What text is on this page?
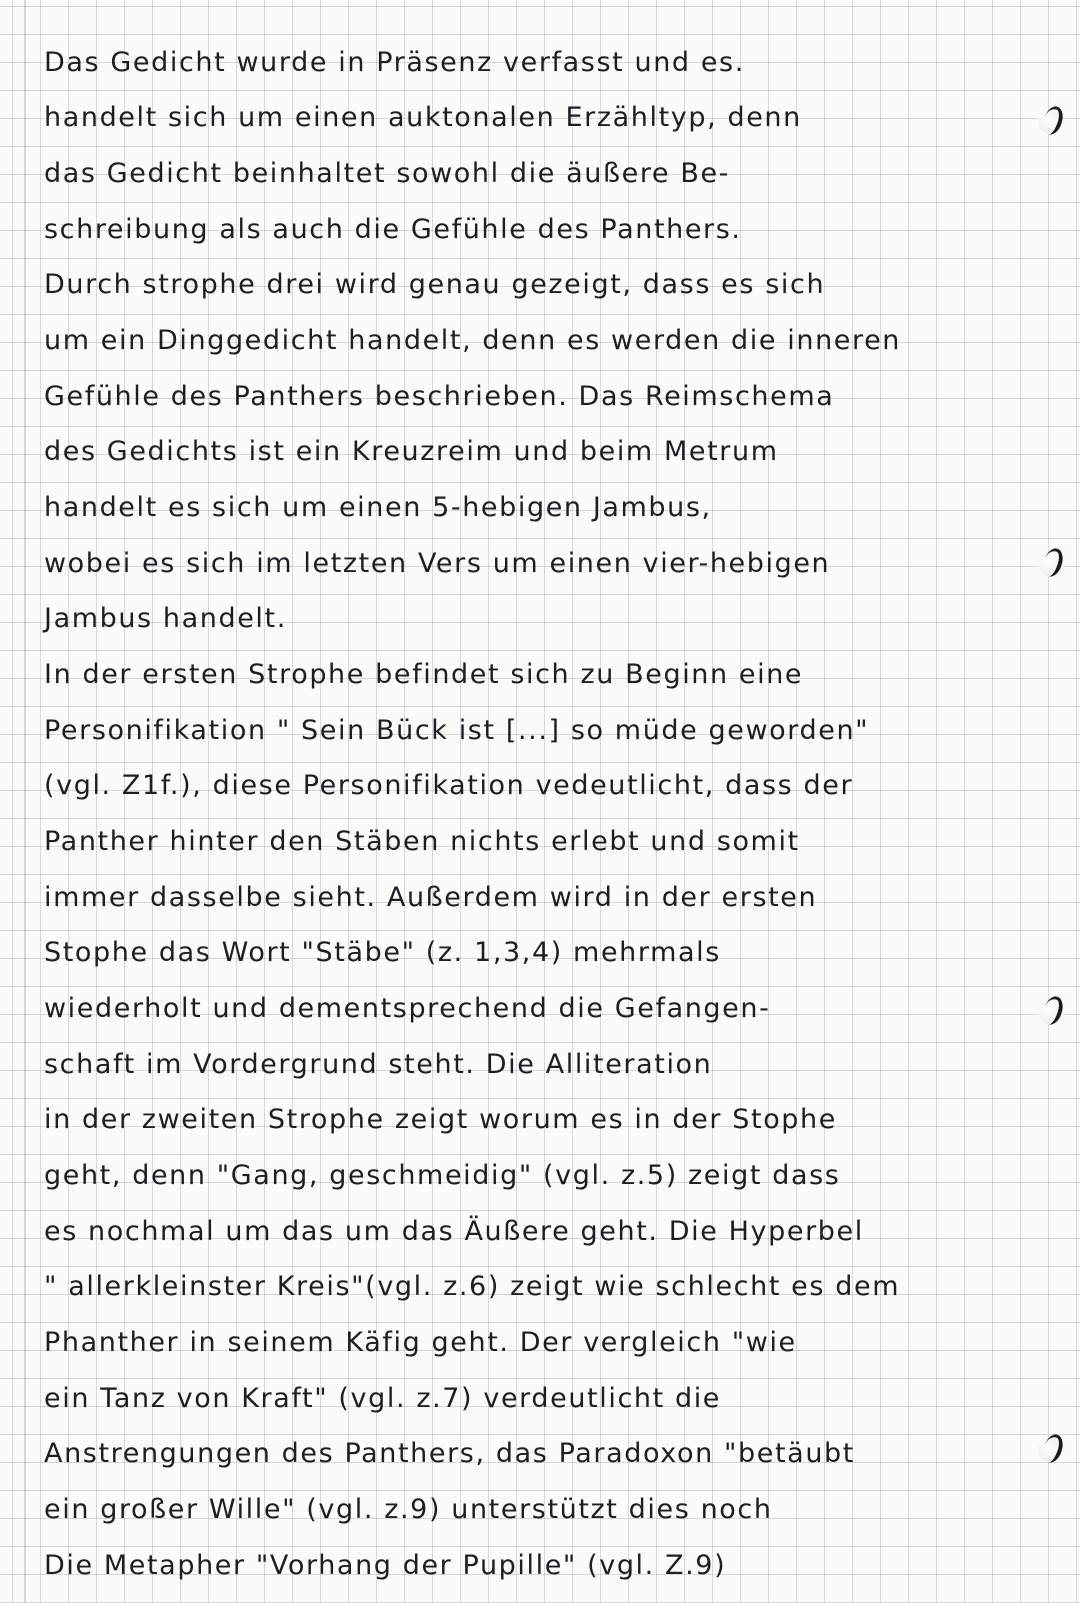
Das Gedicht wurde in Präsenz verfasst und es.
handelt sich um einen auktonalen Erzähltyp, denn
das Gedicht beinhaltet sowohl die äußere Be-
schreibung als auch die Gefühle des Panthers.
Durch strophe drei wird genau gezeigt, dass es sich
um ein Dinggedicht handelt, denn es werden die inneren
Gefühle des Panthers beschrieben. Das Reimschema
des Gedichts ist ein Kreuzreim und beim Metrum
handelt es sich um einen 5-hebigen Jambus,
wobei es sich im letzten Vers um einen vier-hebigen
Jambus handelt.
In der ersten Strophe befindet sich zu Beginn eine
Personifikation " Sein Bück ist [...] so müde geworden"
(vgl. Z1f.), diese Personifikation vedeutlicht, dass der
Panther hinter den Stäben nichts erlebt und somit
immer dasselbe sieht. Außerdem wird in der ersten
Stophe das Wort "Stäbe" (z. 1,3,4) mehrmals
wiederholt und dementsprechend die Gefangen-
schaft im Vordergrund steht. Die Alliteration
in der zweiten Strophe zeigt worum es in der Stophe
geht, denn "Gang, geschmeidig" (vgl. z.5) zeigt dass
es nochmal um das um das Äußere geht. Die Hyperbel
" allerkleinster Kreis"(vgl. z.6) zeigt wie schlecht es dem
Phanther in seinem Käfig geht. Der vergleich "wie
ein Tanz von Kraft" (vgl. z.7) verdeutlicht die
Anstrengungen des Panthers, das Paradoxon "betäubt
ein großer Wille" (vgl. z.9) unterstützt dies noch
Die Metapher "Vorhang der Pupille" (vgl. Z.9)
